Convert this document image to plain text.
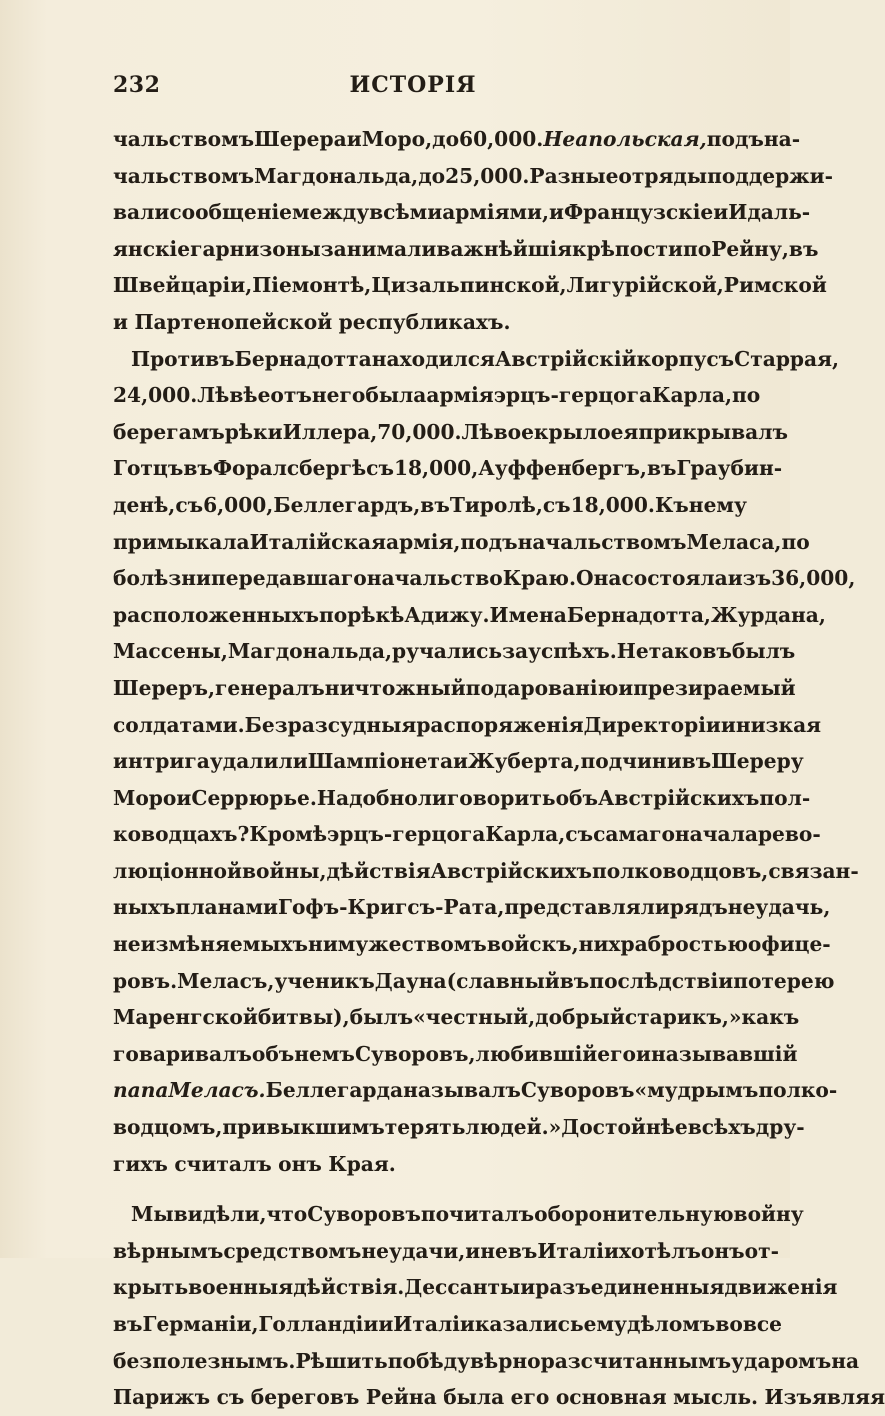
232	ИСТОРІЯ
чальствомъ Шерера и Моро, до 60,000. Неапольская, подъ на-
чальствомъ Магдональда, до 25,000. Разные отряды поддержи-
вали сообщеніе между всѣми арміями, и Французскіе и Идаль-
янскіе гарнизоны занимали важнѣйшія крѣпости по Рейну, въ
Швейцаріи, Піемонтѣ, Цизальпинской, Лигурійской, Римской
и Партенопейской республикахъ.
Противъ Бернадотта находился Австрійскій корпусъ Старрая,
24,000. Лѣвѣе отъ него была армія эрцъ-герцога Карла, по
берегамъ рѣки Иллера, 70,000. Лѣвое крыло ея прикрывалъ
Готцъ въ Форалсбергѣ съ 18,000, Ауффенбергъ, въ Граубин-
денѣ, съ 6,000, Беллегардъ, въ Тиролѣ, съ 18,000. Къ нему
примыкала Италійская армія, подъ начальствомъ Меласа, по
болѣзни передавшаго начальство Краю. Она состояла изъ 36,000,
расположенныхъ по рѣкѣ Адижу. Имена Бернадотта, Журдана,
Массены, Магдональда, ручались за успѣхъ. Не таковъ былъ
Шереръ, генералъ ничтожный по дарованію и презираемый
солдатами. Безразсудныя распоряженія Директоріи и низкая
интрига удалили Шампіонета и Жуберта, подчинивъ Шереру
Моро и Серрюрье. Надобно ли говорить объ Австрійскихъ пол-
ководцахъ? Кромѣ эрцъ-герцога Карла, съ самаго начала рево-
люціонной войны, дѣйствія Австрійскихъ полководцовъ, связан-
ныхъ планами Гофъ-Кригсъ-Рата, представляли рядъ неудачь,
неизмѣняемыхъ ни мужествомъ войскъ, ни храбростью офице-
ровъ. Меласъ, ученикъ Дауна (славный въ послѣдствіи потерею
Маренгской битвы), былъ «честный, добрый старикъ,» какъ
говаривалъ объ немъ Суворовъ, любившій его и называвшій
папа Меласъ. Беллегарда называлъ Суворовъ «мудрымъ полко-
водцомъ, привыкшимъ терять людей.» Достойнѣе всѣхъ дру-
гихъ считалъ онъ Края.
Мы видѣли, что Суворовъ почиталъ оборонительную войну
вѣрнымъ средствомъ неудачи, и не въ Италіи хотѣлъ онъ от-
крыть военныя дѣйствія. Дессанты и разъединенныя движенія
въ Германіи, Голландіи и Италіи казались ему дѣломъ вовсе
безполезнымъ. Рѣшить побѣду вѣрно разсчитаннымъ ударомъ на
Парижъ съ береговъ Рейна была его основная мысль. Изъявляя
